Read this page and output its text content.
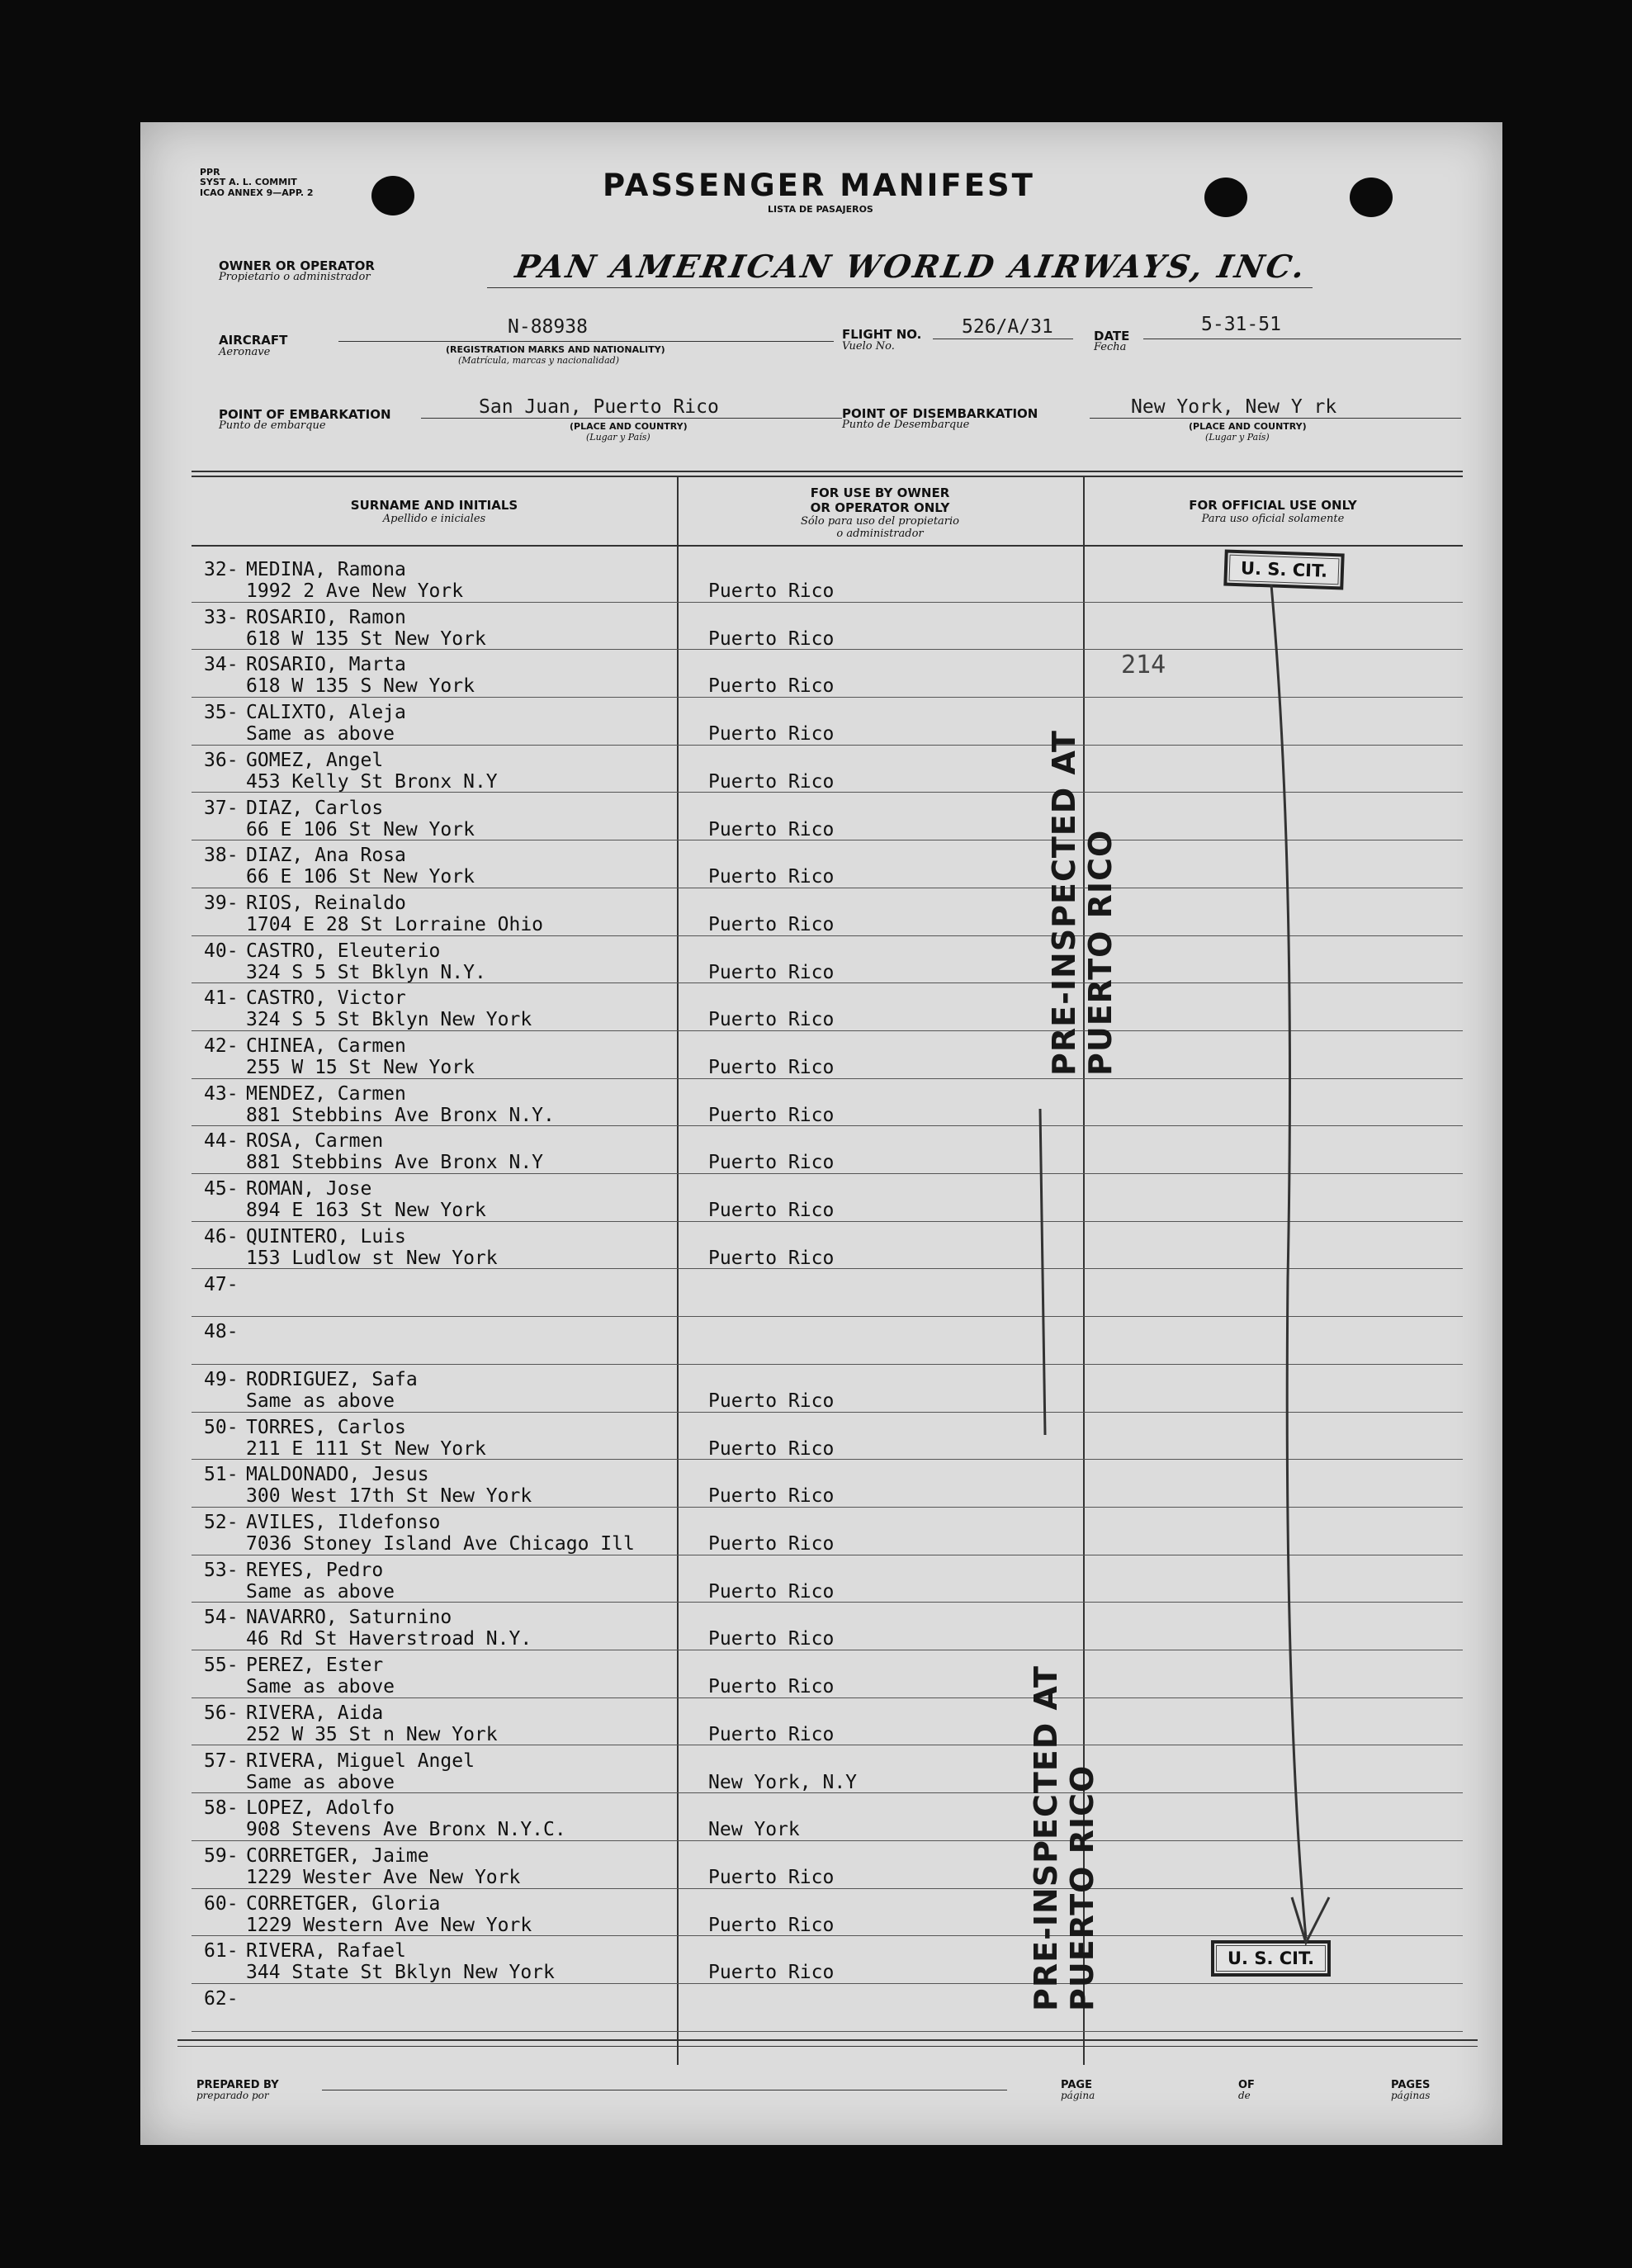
PPR
SYST A. L. COMMIT
ICAO ANNEX 9—APP. 2	PASSENGER MANIFEST
LISTA DE PASAJEROS
OWNER OR OPERATOR
Propietario o administrador	PAN AMERICAN WORLD AIRWAYS, INC.
AIRCRAFT
Aeronave
N-88938
(REGISTRATION MARKS AND NATIONALITY)
(Matrícula, marcas y nacionalidad)
FLIGHT NO.
Vuelo No.
526/A/31	DATE
Fecha
5-31-51
POINT OF EMBARKATION
Punto de embarque
San Juan, Puerto Rico
(PLACE AND COUNTRY)
(Lugar y País)
POINT OF DISEMBARKATION
Punto de Desembarque
New York, New Y rk
(PLACE AND COUNTRY)
(Lugar y País)
SURNAME AND INITIALS
Apellido e iniciales
FOR USE BY OWNER
OR OPERATOR ONLY
Sólo para uso del propietario
o administrador
FOR OFFICIAL USE ONLY
Para uso oficial solamente
32- MEDINA, Ramona
1992 2 Ave New York	Puerto Rico
33- ROSARIO, Ramon
618 W 135 St New York	Puerto Rico
34- ROSARIO, Marta
618 W 135 S New York	Puerto Rico
35- CALIXTO, Aleja
Same as above	Puerto Rico
36- GOMEZ, Angel
453 Kelly St Bronx N.Y	Puerto Rico
37- DIAZ, Carlos
66 E 106 St New York	Puerto Rico
38- DIAZ, Ana Rosa
66 E 106 St New York	Puerto Rico
39- RIOS, Reinaldo
1704 E 28 St Lorraine Ohio	Puerto Rico
40- CASTRO, Eleuterio
324 S 5 St Bklyn N.Y.	Puerto Rico
41- CASTRO, Victor
324 S 5 St Bklyn New York	Puerto Rico
42- CHINEA, Carmen
255 W 15 St New York	Puerto Rico
43- MENDEZ, Carmen
881 Stebbins Ave Bronx N.Y.	Puerto Rico
44- ROSA, Carmen
881 Stebbins Ave Bronx N.Y	Puerto Rico
45- ROMAN, Jose
894 E 163 St New York	Puerto Rico
46- QUINTERO, Luis
153 Ludlow st New York	Puerto Rico
47-
48-
49- RODRIGUEZ, Safa
Same as above	Puerto Rico
50- TORRES, Carlos
211 E 111 St New York	Puerto Rico
51- MALDONADO, Jesus
300 West 17th St New York	Puerto Rico
52- AVILES, Ildefonso
7036 Stoney Island Ave Chicago Ill	Puerto Rico
53- REYES, Pedro
Same as above	Puerto Rico
54- NAVARRO, Saturnino
46 Rd St Haverstroad N.Y.	Puerto Rico
55- PEREZ, Ester
Same as above	Puerto Rico
56- RIVERA, Aida
252 W 35 St n New York	Puerto Rico
57- RIVERA, Miguel Angel
Same as above	New York, N.Y
58- LOPEZ, Adolfo
908 Stevens Ave Bronx N.Y.C.	New York
59- CORRETGER, Jaime
1229 Wester Ave New York	Puerto Rico
60- CORRETGER, Gloria
1229 Western Ave New York	Puerto Rico
61- RIVERA, Rafael
344 State St Bklyn New York	Puerto Rico
62-
214
U. S. CIT.
U. S. CIT.
PRE-INSPECTED AT PUERTO RICO
PRE-INSPECTED AT PUERTO RICO
PREPARED BY
preparado por
PAGE
página
OF
de
PAGES
páginas
